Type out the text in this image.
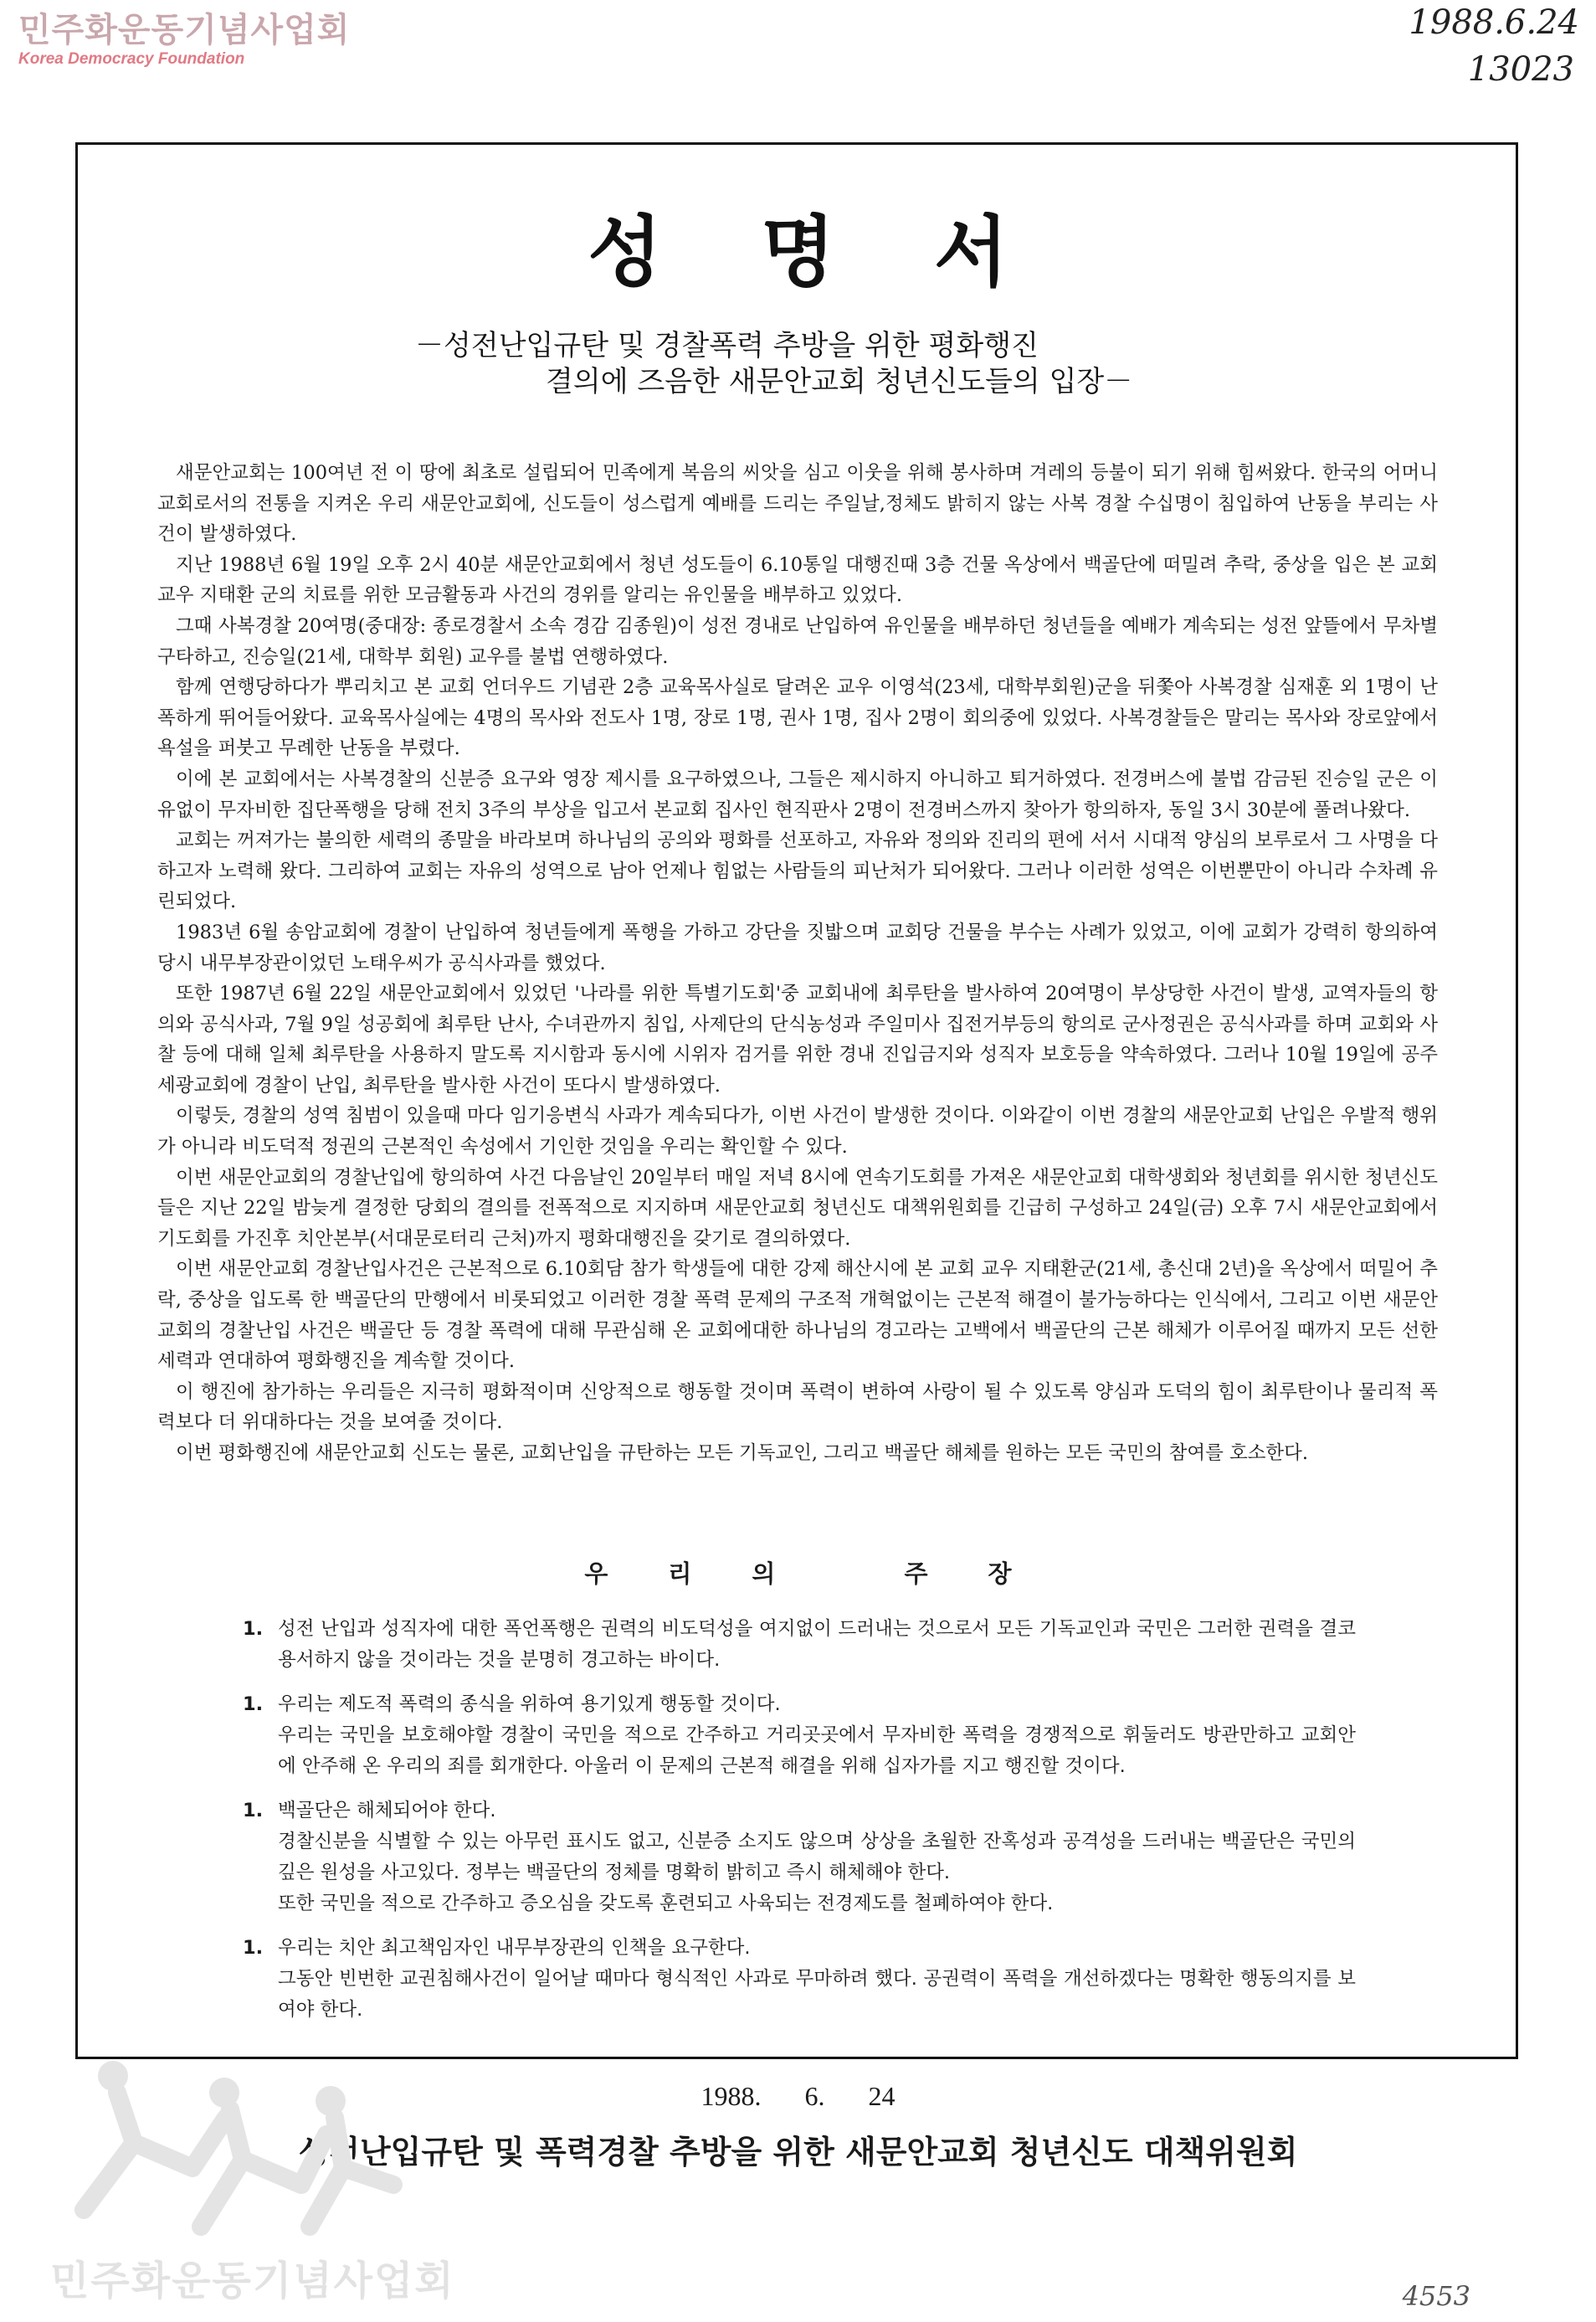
민주화운동기념사업회
Korea Democracy Foundation
1988.6.24
13023
성명서
－성전난입규탄 및 경찰폭력 추방을 위한 평화행진
결의에 즈음한 새문안교회 청년신도들의 입장－

새문안교회는 100여년 전 이 땅에 최초로 설립되어 민족에게 복음의 씨앗을 심고 이웃을 위해 봉사하며 겨레의 등불이 되기 위해 힘써왔다. 한국의 어머니 교회로서의 전통을 지켜온 우리 새문안교회에, 신도들이 성스럽게 예배를 드리는 주일날,정체도 밝히지 않는 사복 경찰 수십명이 침입하여 난동을 부리는 사건이 발생하였다.

지난 1988년 6월 19일 오후 2시 40분 새문안교회에서 청년 성도들이 6.10통일 대행진때 3층 건물 옥상에서 백골단에 떠밀려 추락, 중상을 입은 본 교회 교우 지태환 군의 치료를 위한 모금활동과 사건의 경위를 알리는 유인물을 배부하고 있었다.

그때 사복경찰 20여명(중대장: 종로경찰서 소속 경감 김종원)이 성전 경내로 난입하여 유인물을 배부하던 청년들을 예배가 계속되는 성전 앞뜰에서 무차별 구타하고, 진승일(21세, 대학부 회원) 교우를 불법 연행하였다.

함께 연행당하다가 뿌리치고 본 교회 언더우드 기념관 2층 교육목사실로 달려온 교우 이영석(23세, 대학부회원)군을 뒤쫓아 사복경찰 심재훈 외 1명이 난폭하게 뛰어들어왔다. 교육목사실에는 4명의 목사와 전도사 1명, 장로 1명, 권사 1명, 집사 2명이 회의중에 있었다. 사복경찰들은 말리는 목사와 장로앞에서 욕설을 퍼붓고 무례한 난동을 부렸다.

이에 본 교회에서는 사복경찰의 신분증 요구와 영장 제시를 요구하였으나, 그들은 제시하지 아니하고 퇴거하였다. 전경버스에 불법 감금된 진승일 군은 이유없이 무자비한 집단폭행을 당해 전치 3주의 부상을 입고서 본교회 집사인 현직판사 2명이 전경버스까지 찾아가 항의하자, 동일 3시 30분에 풀려나왔다.

교회는 꺼져가는 불의한 세력의 종말을 바라보며 하나님의 공의와 평화를 선포하고, 자유와 정의와 진리의 편에 서서 시대적 양심의 보루로서 그 사명을 다하고자 노력해 왔다. 그리하여 교회는 자유의 성역으로 남아 언제나 힘없는 사람들의 피난처가 되어왔다. 그러나 이러한 성역은 이번뿐만이 아니라 수차례 유린되었다.

1983년 6월 송암교회에 경찰이 난입하여 청년들에게 폭행을 가하고 강단을 짓밟으며 교회당 건물을 부수는 사례가 있었고, 이에 교회가 강력히 항의하여 당시 내무부장관이었던 노태우씨가 공식사과를 했었다.

또한 1987년 6월 22일 새문안교회에서 있었던 '나라를 위한 특별기도회'중 교회내에 최루탄을 발사하여 20여명이 부상당한 사건이 발생, 교역자들의 항의와 공식사과, 7월 9일 성공회에 최루탄 난사, 수녀관까지 침입, 사제단의 단식농성과 주일미사 집전거부등의 항의로 군사정권은 공식사과를 하며 교회와 사찰 등에 대해 일체 최루탄을 사용하지 말도록 지시함과 동시에 시위자 검거를 위한 경내 진입금지와 성직자 보호등을 약속하였다. 그러나 10월 19일에 공주 세광교회에 경찰이 난입, 최루탄을 발사한 사건이 또다시 발생하였다.

이렇듯, 경찰의 성역 침범이 있을때 마다 임기응변식 사과가 계속되다가, 이번 사건이 발생한 것이다. 이와같이 이번 경찰의 새문안교회 난입은 우발적 행위가 아니라 비도덕적 정권의 근본적인 속성에서 기인한 것임을 우리는 확인할 수 있다.

이번 새문안교회의 경찰난입에 항의하여 사건 다음날인 20일부터 매일 저녁 8시에 연속기도회를 가져온 새문안교회 대학생회와 청년회를 위시한 청년신도들은 지난 22일 밤늦게 결정한 당회의 결의를 전폭적으로 지지하며 새문안교회 청년신도 대책위원회를 긴급히 구성하고 24일(금) 오후 7시 새문안교회에서 기도회를 가진후 치안본부(서대문로터리 근처)까지 평화대행진을 갖기로 결의하였다.

이번 새문안교회 경찰난입사건은 근본적으로 6.10회담 참가 학생들에 대한 강제 해산시에 본 교회 교우 지태환군(21세, 총신대 2년)을 옥상에서 떠밀어 추락, 중상을 입도록 한 백골단의 만행에서 비롯되었고 이러한 경찰 폭력 문제의 구조적 개혁없이는 근본적 해결이 불가능하다는 인식에서, 그리고 이번 새문안 교회의 경찰난입 사건은 백골단 등 경찰 폭력에 대해 무관심해 온 교회에대한 하나님의 경고라는 고백에서 백골단의 근본 해체가 이루어질 때까지 모든 선한 세력과 연대하여 평화행진을 계속할 것이다.

이 행진에 참가하는 우리들은 지극히 평화적이며 신앙적으로 행동할 것이며 폭력이 변하여 사랑이 될 수 있도록 양심과 도덕의 힘이 최루탄이나 물리적 폭력보다 더 위대하다는 것을 보여줄 것이다.

이번 평화행진에 새문안교회 신도는 물론, 교회난입을 규탄하는 모든 기독교인, 그리고 백골단 해체를 원하는 모든 국민의 참여를 호소한다.

우리의 주장
1. 성전 난입과 성직자에 대한 폭언폭행은 권력의 비도덕성을 여지없이 드러내는 것으로서 모든 기독교인과 국민은 그러한 권력을 결코 용서하지 않을 것이라는 것을 분명히 경고하는 바이다.
1. 우리는 제도적 폭력의 종식을 위하여 용기있게 행동할 것이다.
우리는 국민을 보호해야할 경찰이 국민을 적으로 간주하고 거리곳곳에서 무자비한 폭력을 경쟁적으로 휘둘러도 방관만하고 교회안에 안주해 온 우리의 죄를 회개한다. 아울러 이 문제의 근본적 해결을 위해 십자가를 지고 행진할 것이다.
1. 백골단은 해체되어야 한다.
경찰신분을 식별할 수 있는 아무런 표시도 없고, 신분증 소지도 않으며 상상을 초월한 잔혹성과 공격성을 드러내는 백골단은 국민의 깊은 원성을 사고있다. 정부는 백골단의 정체를 명확히 밝히고 즉시 해체해야 한다.
또한 국민을 적으로 간주하고 증오심을 갖도록 훈련되고 사육되는 전경제도를 철폐하여야 한다.
1. 우리는 치안 최고책임자인 내무부장관의 인책을 요구한다.
그동안 빈번한 교권침해사건이 일어날 때마다 형식적인 사과로 무마하려 했다. 공권력이 폭력을 개선하겠다는 명확한 행동의지를 보여야 한다.
1988. 6. 24
성전난입규탄 및 폭력경찰 추방을 위한 새문안교회 청년신도 대책위원회
민주화운동기념사업회	4553
